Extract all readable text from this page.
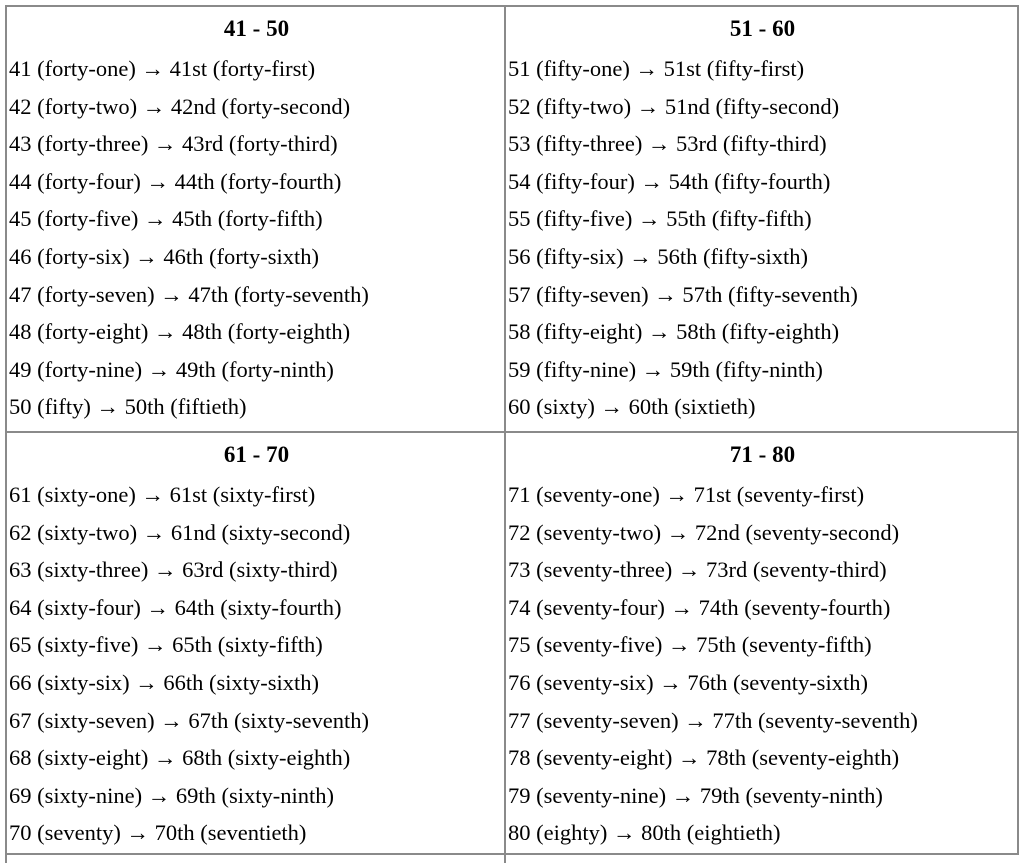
41 - 50
41 (forty-one) → 41st (forty-first)
42 (forty-two) → 42nd (forty-second)
43 (forty-three) → 43rd (forty-third)
44 (forty-four) → 44th (forty-fourth)
45 (forty-five) → 45th (forty-fifth)
46 (forty-six) → 46th (forty-sixth)
47 (forty-seven) → 47th (forty-seventh)
48 (forty-eight) → 48th (forty-eighth)
49 (forty-nine) → 49th (forty-ninth)
50 (fifty) → 50th (fiftieth)
51 - 60
51 (fifty-one) → 51st (fifty-first)
52 (fifty-two) → 51nd (fifty-second)
53 (fifty-three) → 53rd (fifty-third)
54 (fifty-four) → 54th (fifty-fourth)
55 (fifty-five) → 55th (fifty-fifth)
56 (fifty-six) → 56th (fifty-sixth)
57 (fifty-seven) → 57th (fifty-seventh)
58 (fifty-eight) → 58th (fifty-eighth)
59 (fifty-nine) → 59th (fifty-ninth)
60 (sixty) → 60th (sixtieth)
61 - 70
61 (sixty-one) → 61st (sixty-first)
62 (sixty-two) → 61nd (sixty-second)
63 (sixty-three) → 63rd (sixty-third)
64 (sixty-four) → 64th (sixty-fourth)
65 (sixty-five) → 65th (sixty-fifth)
66 (sixty-six) → 66th (sixty-sixth)
67 (sixty-seven) → 67th (sixty-seventh)
68 (sixty-eight) → 68th (sixty-eighth)
69 (sixty-nine) → 69th (sixty-ninth)
70 (seventy) → 70th (seventieth)
71 - 80
71 (seventy-one) → 71st (seventy-first)
72 (seventy-two) → 72nd (seventy-second)
73 (seventy-three) → 73rd (seventy-third)
74 (seventy-four) → 74th (seventy-fourth)
75 (seventy-five) → 75th (seventy-fifth)
76 (seventy-six) → 76th (seventy-sixth)
77 (seventy-seven) → 77th (seventy-seventh)
78 (seventy-eight) → 78th (seventy-eighth)
79 (seventy-nine) → 79th (seventy-ninth)
80 (eighty) → 80th (eightieth)
